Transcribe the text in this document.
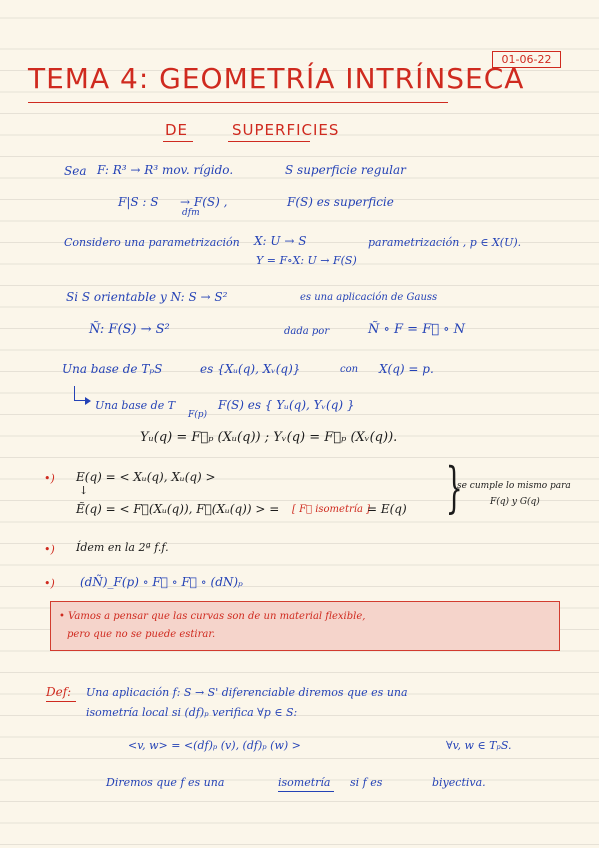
01-06-22
TEMA 4: GEOMETRÍA INTRÍNSECA
DE	SUPERFICIES
Sea F: R³ → R³ mov. rígido.	S superficie regular
F|S : S
dfm
→ F(S) ,	F(S) es superficie
Considero una parametrización X: U → S	parametrización , p ∈ X(U).
Y = F∘X: U → F(S)
Si S orientable y N: S → S²	es una aplicación de Gauss
Ñ: F(S) → S²	dada por	Ñ ∘ F = F⃗ ∘ N
Una base de TₚS	es {Xᵤ(q), Xᵥ(q)}	con X(q) = p.
Una base de T
F(p)
F(S) es { Yᵤ(q), Yᵥ(q) }
Yᵤ(q) = F⃗ₚ (Xᵤ(q)) ; Yᵥ(q) = F⃗ₚ (Xᵥ(q)).
•) E(q) = < Xᵤ(q), Xᵤ(q) >
↓
Ẽ(q) = < F⃗(Xᵤ(q)), F⃗(Xᵤ(q)) > = [ F⃗ isometría ]
= E(q) }
se cumple lo mismo para
F(q) y G(q)
•) Ídem en la 2ª f.f.
•) (dÑ)_F(p) ∘ F⃗ ∘ F⃗ ∘ (dN)ₚ
• Vamos a pensar que las curvas son de un material flexible,
pero que no se puede estirar.
Def: Una aplicación f: S → S' diferenciable diremos que es una
isometría local si (df)ₚ verifica ∀p ∈ S:
<v, w> = <(df)ₚ (v), (df)ₚ (w) >	∀v, w ∈ TₚS.
Diremos que f es una	isometría si f es	biyectiva.
